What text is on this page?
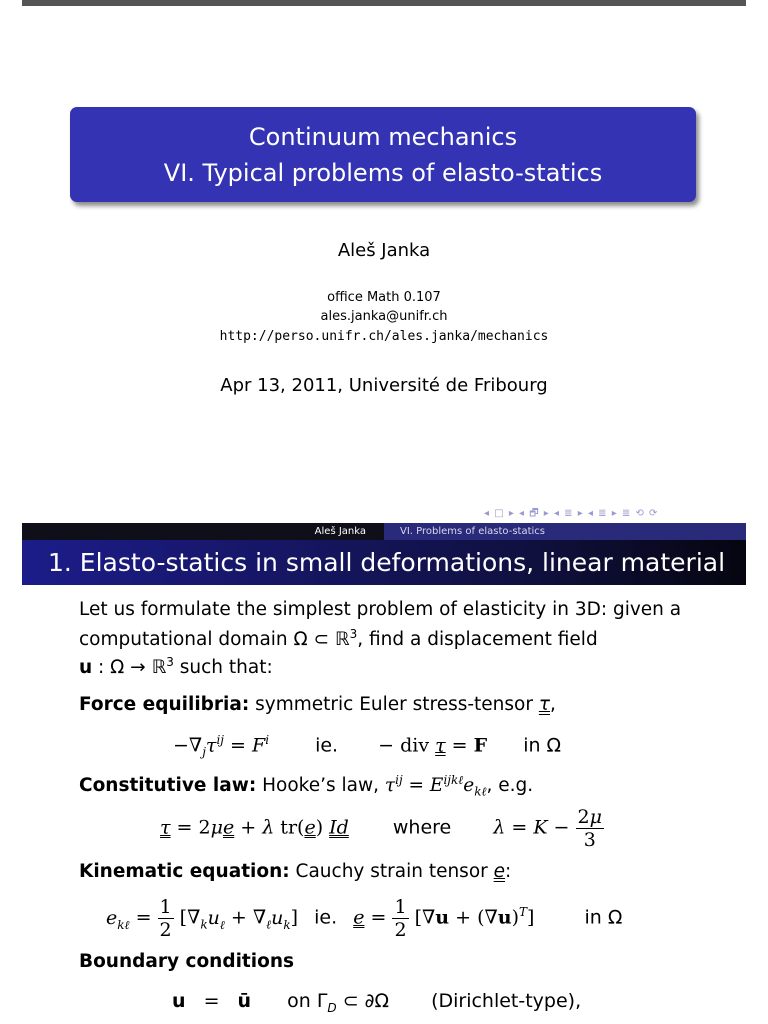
Continuum mechanics
VI. Typical problems of elasto-statics
Aleš Janka
office Math 0.107
ales.janka@unifr.ch
http://perso.unifr.ch/ales.janka/mechanics
Apr 13, 2011, Université de Fribourg
◂ □ ▸ ◂ 🗗 ▸ ◂ ≣ ▸ ◂ ≣ ▸ ≣ ⟲ ⟳
Aleš Janka	VI. Problems of elasto-statics
1. Elasto-statics in small deformations, linear material
Let us formulate the simplest problem of elasticity in 3D: given a
computational domain Ω ⊂ ℝ$^3$, find a displacement field
u : Ω → ℝ$^3$ such that:
Force equilibria: symmetric Euler stress-tensor τ,
$-\nabla_j\tau^{ij} = F^i$ ie. − div τ = F in Ω
Constitutive law: Hooke’s law, $\tau^{ij} = E^{ijk\ell}e_{k\ell}$, e.g.
τ = 2μe + λ tr(e) Id where $\lambda = K - \frac{2\mu}{3}$
Kinematic equation: Cauchy strain tensor e:
$e_{k\ell} = \frac{1}{2} [\nabla_ku_\ell + \nabla_\ell u_k]$ ie. $e = \frac{1}{2} [\nabla u + (\nabla u)^T]$ in Ω
Boundary conditions
u = ū on $\Gamma_D$ ⊂ ∂Ω (Dirichlet-type),
